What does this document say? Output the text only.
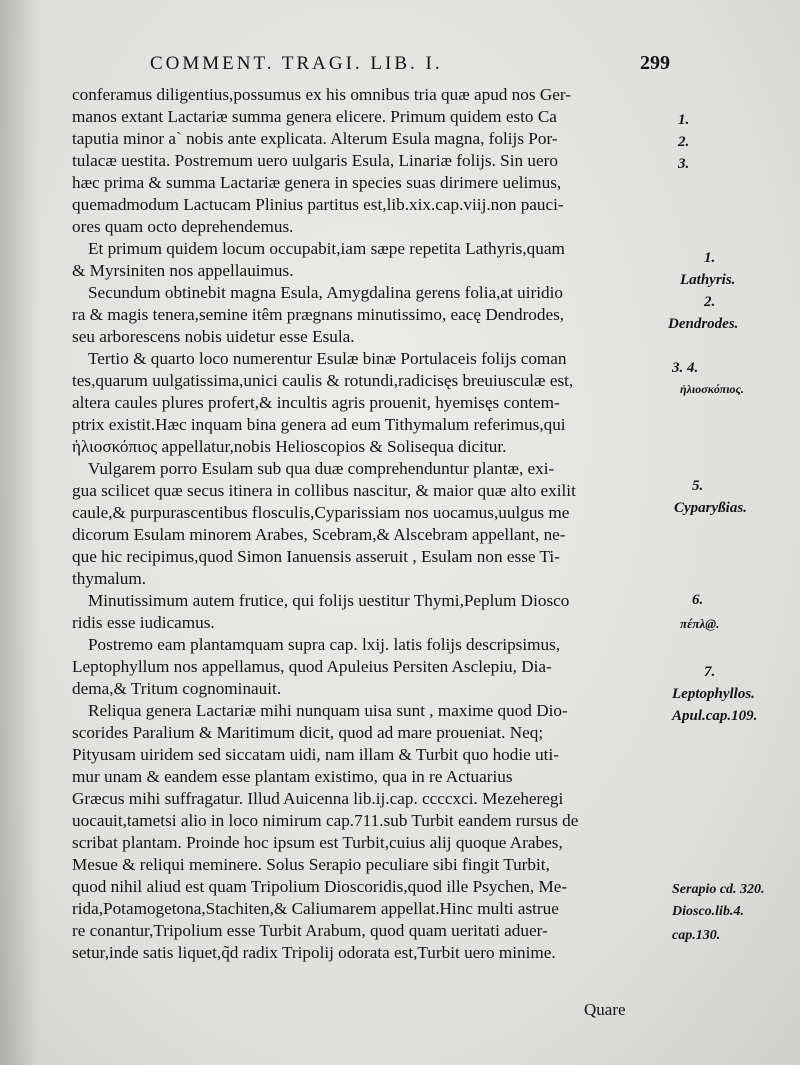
COMMENT. TRAGI. LIB. I.	299
conferamus diligentius,possumus ex his omnibus tria quæ apud nos Ger-
manos extant Lactariæ summa genera elicere. Primum quidem esto Ca
taputia minor a` nobis ante explicata. Alterum Esula magna, folijs Por-
tulacæ uestita. Postremum uero uulgaris Esula, Linariæ folijs. Sin uero
hæc prima & summa Lactariæ genera in species suas dirimere uelimus,
quemadmodum Lactucam Plinius partitus est,lib.xix.cap.viij.non pauci-
ores quam octo deprehendemus.
Et primum quidem locum occupabit,iam sæpe repetita Lathyris,quam
& Myrsiniten nos appellauimus.
Secundum obtinebit magna Esula, Amygdalina gerens folia,at uiridio
ra & magis tenera,semine itêm prægnans minutissimo, eacę Dendrodes,
seu arborescens nobis uidetur esse Esula.
Tertio & quarto loco numerentur Esulæ binæ Portulaceis folijs coman
tes,quarum uulgatissima,unici caulis & rotundi,radicisęs breuiusculæ est,
altera caules plures profert,& incultis agris prouenit, hyemisęs contem-
ptrix existit.Hæc inquam bina genera ad eum Tithymalum referimus,qui
ἡλιοσκόπιος appellatur,nobis Helioscopios & Solisequa dicitur.
Vulgarem porro Esulam sub qua duæ comprehenduntur plantæ, exi-
gua scilicet quæ secus itinera in collibus nascitur, & maior quæ alto exilit
caule,& purpurascentibus flosculis,Cyparissiam nos uocamus,uulgus me
dicorum Esulam minorem Arabes, Scebram,& Alscebram appellant, ne-
que hic recipimus,quod Simon Ianuensis asseruit , Esulam non esse Ti-
thymalum.
Minutissimum autem frutice, qui folijs uestitur Thymi,Peplum Diosco
ridis esse iudicamus.
Postremo eam plantamquam supra cap. lxij. latis folijs descripsimus,
Leptophyllum nos appellamus, quod Apuleius Persiten Asclepiu, Dia-
dema,& Tritum cognominauit.
Reliqua genera Lactariæ mihi nunquam uisa sunt , maxime quod Dio-
scorides Paralium & Maritimum dicit, quod ad mare proueniat. Neq;
Pityusam uiridem sed siccatam uidi, nam illam & Turbit quo hodie uti-
mur unam & eandem esse plantam existimo, qua in re Actuarius
Græcus mihi suffragatur. Illud Auicenna lib.ij.cap. ccccxci. Mezeheregi
uocauit,tametsi alio in loco nimirum cap.711.sub Turbit eandem rursus de
scribat plantam. Proinde hoc ipsum est Turbit,cuius alij quoque Arabes,
Mesue & reliqui meminere. Solus Serapio peculiare sibi fingit Turbit,
quod nihil aliud est quam Tripolium Dioscoridis,quod ille Psychen, Me-
rida,Potamogetona,Stachiten,& Caliumarem appellat.Hinc multi astrue
re conantur,Tripolium esse Turbit Arabum, quod quam ueritati aduer-
setur,inde satis liquet,q̃d radix Tripolij odorata est,Turbit uero minime.
Quare
1.
2.
3.
1.
Lathyris.
2.
Dendrodes.
3. 4.
ἡλιοσκόπιος.
5.
Cyparyßias.
6.
πέπλ@.
7.
Leptophyllos.
Apul.cap.109.
Serapio cd. 320.
Diosco.lib.4.
cap.130.
